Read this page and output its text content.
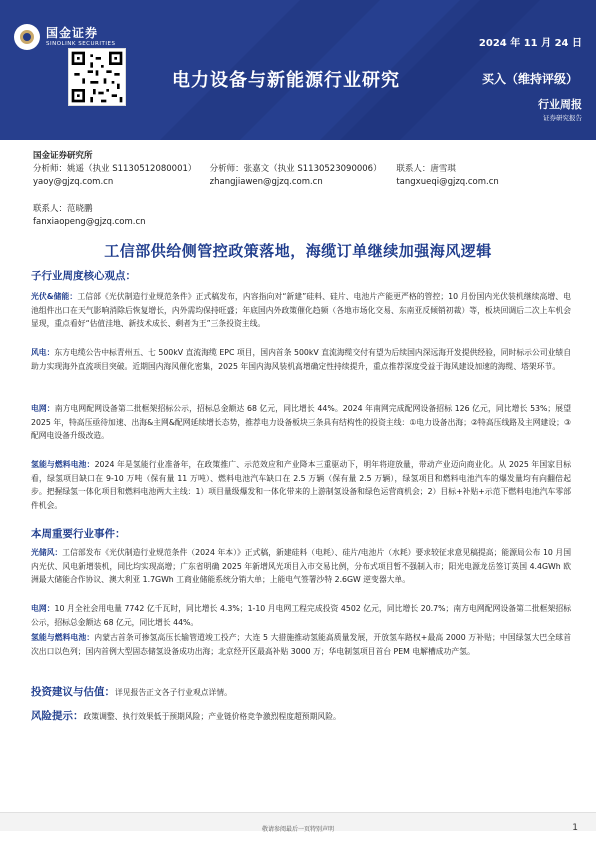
国金证券
SINOLINK SECURITIES	2024 年 11 月 24 日
电力设备与新能源行业研究	买入（维持评级）
行业周报
证券研究报告
国金证券研究所
分析师：姚遥（执业 S1130512080001）
yaoy@gjzq.com.cn
分析师：张嘉文（执业 S1130523090006）
zhangjiawen@gjzq.com.cn
联系人：唐雪琪
tangxueqi@gjzq.com.cn
联系人：范晓鹏
fanxiaopeng@gjzq.com.cn
工信部供给侧管控政策落地，海缆订单继续加强海风逻辑
子行业周度核心观点：
光伏&储能：工信部《光伏制造行业规范条件》正式稿发布，内容指向对“新建”硅料、硅片、电池片产能更严格的管控；10 月份国内光伏装机继续高增、电池组件出口在天气影响消除后恢复增长，内外需均保持旺盛；年底国内外政策催化趋频（各地市场化交易、东南亚反倾销初裁）等，板块回调后二次上车机会显现，重点看好“估值洼地、新技术成长、剩者为王”三条投资主线。
风电：东方电缆公告中标青州五、七 500kV 直流海缆 EPC 项目，国内首条 500kV 直流海缆交付有望为后续国内深远海开发提供经验，同时标示公司业绩自助力实现海外直流项目突破。近期国内海风催化密集，2025 年国内海风装机高增确定性持续提升，重点推荐深度受益于海风建设加速的海缆、塔架环节。
电网：南方电网配网设备第二批框架招标公示，招标总金额达 68 亿元，同比增长 44%。2024 年南网完成配网设备招标 126 亿元，同比增长 53%；展望 2025 年，特高压亟待加速、出海&主网&配网延续增长态势，推荐电力设备板块三条具有结构性的投资主线：①电力设备出海；②特高压线路及主网建设；③配网电设备升级改造。
氢能与燃料电池：2024 年是氢能行业准备年，在政策推广、示范效应和产业降本三重驱动下，明年将迎放量，带动产业迈向商业化。从 2025 年国家目标看，绿氢项目缺口在 9-10 万吨（保有量 11 万吨）、燃料电池汽车缺口在 2.5 万辆（保有量 2.5 万辆），绿氢项目和燃料电池汽车的爆发量均有向翻倍起步。把握绿氢一体化项目和燃料电池两大主线：1）项目量级爆发和一体化带来的上游制氢设备和绿色运营商机会；2）目标+补贴+示范下燃料电池汽车零部件机会。
本周重要行业事件：
光储风：工信部发布《光伏制造行业规范条件（2024 年本）》正式稿，新建硅料（电耗）、硅片/电池片（水耗）要求较征求意见稿提高；能源局公布 10 月国内光伏、风电新增装机，同比均实现高增；广东省明确 2025 年新增风光项目入市交易比例，分布式项目暂不强制入市；阳光电源龙岳签订英国 4.4GWh 欧洲最大储能合作协议、澳大利亚 1.7GWh 工商业储能系统分销大单；上能电气签署沙特 2.6GW 逆变器大单。
电网：10 月全社会用电量 7742 亿千瓦时，同比增长 4.3%；1-10 月电网工程完成投资 4502 亿元，同比增长 20.7%；南方电网配网设备第二批框架招标公示，招标总金额达 68 亿元，同比增长 44%。
氢能与燃料电池：内蒙古首条可掺氢高压长输管道竣工投产；大连 5 大措施推动氢能高质量发展，开放氢车路权+最高 2000 万补贴；中国绿氢大巴全球首次出口以色列；国内首例大型固态储氢设备成功出海；北京经开区最高补贴 3000 万；华电制氢项目首台 PEM 电解槽成功产氢。
投资建议与估值：详见报告正文各子行业观点详情。
风险提示：政策调整、执行效果低于预期风险；产业链价格竞争激烈程度超预期风险。
敬请参阅最后一页特别声明	1
